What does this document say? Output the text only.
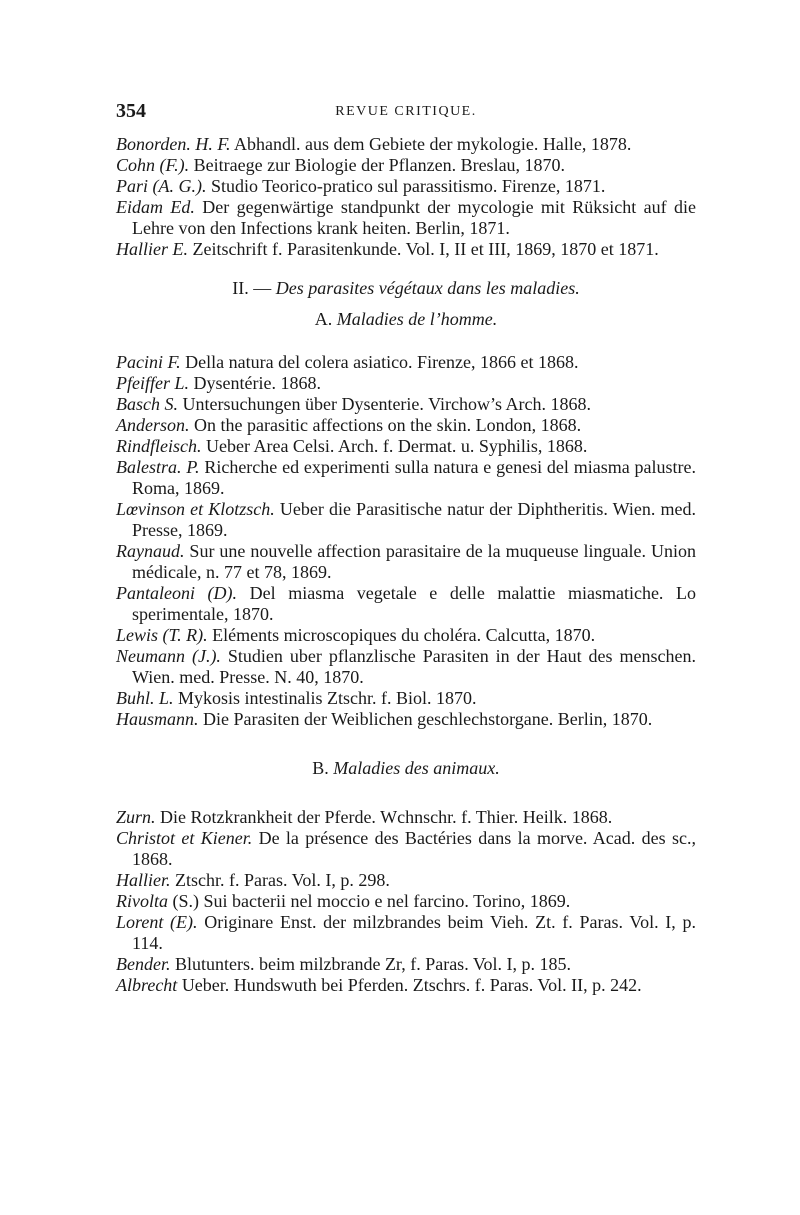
354	REVUE CRITIQUE.

Bonorden. H. F. Abhandl. aus dem Gebiete der mykologie. Halle, 1878.

Cohn (F.). Beitraege zur Biologie der Pflanzen. Breslau, 1870.

Pari (A. G.). Studio Teorico-pratico sul parassitismo. Firenze, 1871.

Eidam Ed. Der gegenwärtige standpunkt der mycologie mit Rüksicht auf die Lehre von den Infections krank heiten. Berlin, 1871.

Hallier E. Zeitschrift f. Parasitenkunde. Vol. I, II et III, 1869, 1870 et 1871.

II. — Des parasites végétaux dans les maladies.

A. Maladies de l’homme.

Pacini F. Della natura del colera asiatico. Firenze, 1866 et 1868.

Pfeiffer L. Dysentérie. 1868.

Basch S. Untersuchungen über Dysenterie. Virchow’s Arch. 1868.

Anderson. On the parasitic affections on the skin. London, 1868.

Rindfleisch. Ueber Area Celsi. Arch. f. Dermat. u. Syphilis, 1868.

Balestra. P. Richerche ed experimenti sulla natura e genesi del miasma palustre. Roma, 1869.

Lœvinson et Klotzsch. Ueber die Parasitische natur der Diphtheritis. Wien. med. Presse, 1869.

Raynaud. Sur une nouvelle affection parasitaire de la muqueuse linguale. Union médicale, n. 77 et 78, 1869.

Pantaleoni (D). Del miasma vegetale e delle malattie miasmatiche. Lo sperimentale, 1870.

Lewis (T. R). Eléments microscopiques du choléra. Calcutta, 1870.

Neumann (J.). Studien uber pflanzlische Parasiten in der Haut des menschen. Wien. med. Presse. N. 40, 1870.

Buhl. L. Mykosis intestinalis Ztschr. f. Biol. 1870.

Hausmann. Die Parasiten der Weiblichen geschlechstorgane. Berlin, 1870.

B. Maladies des animaux.

Zurn. Die Rotzkrankheit der Pferde. Wchnschr. f. Thier. Heilk. 1868.

Christot et Kiener. De la présence des Bactéries dans la morve. Acad. des sc., 1868.

Hallier. Ztschr. f. Paras. Vol. I, p. 298.

Rivolta (S.) Sui bacterii nel moccio e nel farcino. Torino, 1869.

Lorent (E). Originare Enst. der milzbrandes beim Vieh. Zt. f. Paras. Vol. I, p. 114.

Bender. Blutunters. beim milzbrande Zr, f. Paras. Vol. I, p. 185.

Albrecht Ueber. Hundswuth bei Pferden. Ztschrs. f. Paras. Vol. II, p. 242.
